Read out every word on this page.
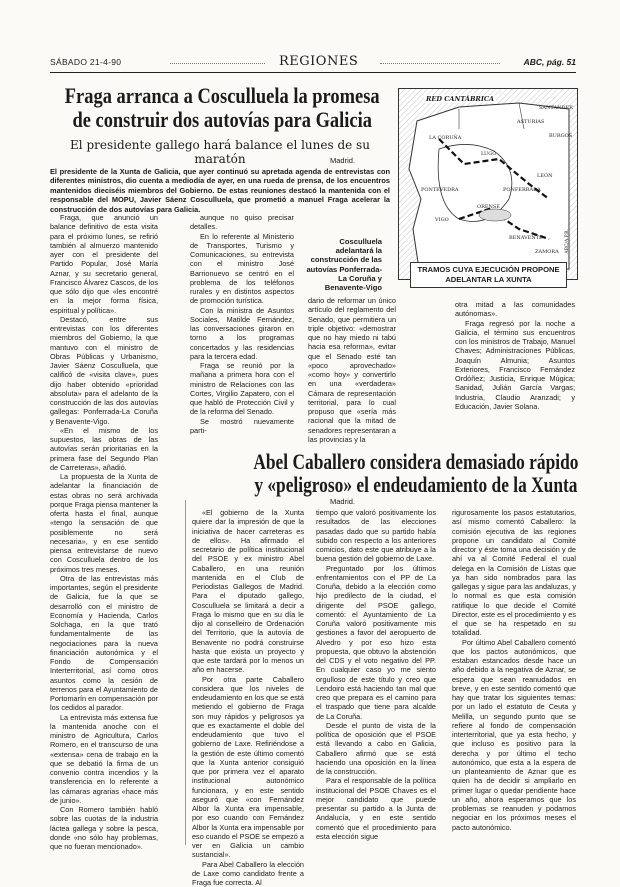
SÁBADO 21-4-90	REGIONES	ABC, pág. 51
Fraga arranca a Cosculluela la promesa
de construir dos autovías para Galicia
El presidente gallego hará balance el lunes de su maratón	Madrid.
El presidente de la Xunta de Galicia, que ayer continuó su apretada agenda de entrevistas con diferentes ministros, dio cuenta a mediodía de ayer, en una rueda de prensa, de los encuentros mantenidos dieciséis miembros del Gobierno. De estas reuniones destacó la mantenida con el responsable del MOPU, Javier Sáenz Cosculluela, que prometió a manuel Fraga acelerar la construcción de dos autovías para Galicia.
RED CANTÁBRICA
LA CORUÑA
ASTURIAS
LUGO
ORENSE
PONTEVEDRA
ZAMORA
LEÓN
SANTANDER
BURGOS
VIGO
PONFERRADA
BENAVENTE	ABC/A.P.R.
TRAMOS CUYA EJECUCIÓN PROPONE ADELANTAR LA XUNTA

Fraga, que anunció un balance definitivo de esta visita para el próximo lunes, se refirió también al almuerzo mantenido ayer con el presidente del Partido Popular, José María Aznar, y su secretario general, Francisco Álvarez Cascos, de los que sólo dijo que «les encontré en la mejor forma física, espiritual y política».

Destacó, entre sus entrevistas con los diferentes miembros del Gobierno, la que mantuvo con el ministro de Obras Públicas y Urbanismo, Javier Sáenz Cosculluela, que calificó de «visita clave», pues dijo haber obtenido «prioridad absoluta» para el adelanto de la construcción de las dos autovías gallegas: Ponferrada-La Coruña y Benavente-Vigo.

«En el mismo de los supuestos, las obras de las autovías serán prioritarias en la primera fase del Segundo Plan de Carreteras», añadió.

La propuesta de la Xunta de adelantar la financiación de estas obras no será archivada porque Fraga piensa mantener la oferta hasta el final, aunque «tengo la sensación de que posiblemente no será necesaria», y en ese sentido piensa entrevistarse de nuevo con Cosculluela dentro de los próximos tres meses.

Otra de las entrevistas más importantes, según el presidente de Galicia, fue la que se desarrolló con el ministro de Economía y Hacienda, Carlos Solchaga, en la que trató fundamentalmente de las negociaciones para la nueva financiación autonómica y el Fondo de Compensación Interterritorial, así como otros asuntos como la cesión de terrenos para el Ayuntamiento de Portomarín en compensación por los cedidos al parador.

La entrevista más extensa fue la mantenida anoche con el ministro de Agricultura, Carlos Romero, en el transcurso de una «extensa» cena de trabajo en la que se debatió la firma de un convenio contra incendios y la transferencia en lo referente a las cámaras agrarias «hace más de junio».

Con Romero también habló sobre las cuotas de la industria láctea gallega y sobre la pesca, donde «no sólo hay problemas, que no fueran mencionado».

aunque no quiso precisar detalles.

En lo referente al Ministerio de Transportes, Turismo y Comunicaciones, su entrevista con el ministro José Barrionuevo se centró en el problema de los teléfonos rurales y en distintos aspectos de promoción turística.

Con la ministra de Asuntos Sociales, Matilde Fernández, las conversaciones giraron en torno a los programas concertados y las residencias para la tercera edad.

Fraga se reunió por la mañana a primera hora con el ministro de Relaciones con las Cortes, Virgilio Zapatero, con el que habló de Protección Civil y de la reforma del Senado.

Se mostró nuevamente parti-

Cosculluela adelantará la construcción de las autovías Ponferrada-La Coruña y Benavente-Vigo

dario de reformar un único artículo del reglamento del Senado, que permitiera un triple objetivo: «demostrar que no hay miedo ni tabú hacia esa reforma», evitar que el Senado esté tan «poco aprovechado» «como hoy» y convertirlo en una «verdadera» Cámara de representación territorial, para lo cual propuso que «sería más racional que la mitad de senadores representaran a las provincias y la

otra mitad a las comunidades autónomas».

Fraga regresó por la noche a Galicia, el término sus encuentros con los ministros de Trabajo, Manuel Chaves; Administraciones Públicas, Joaquín Almunia; Asuntos Exteriores, Francisco Fernández Ordóñez; Justicia, Enrique Múgica; Sanidad, Julián García Vargas; Industria, Claudio Aranzadi; y Educación, Javier Solana.

Abel Caballero considera demasiado rápido
y «peligroso» el endeudamiento de la Xunta
Madrid.

«El gobierno de la Xunta quiere dar la impresión de que la iniciativa de hacer carreteras es de ellos». Ha afirmado el secretario de política institucional del PSOE y ex ministro Abel Caballero, en una reunión mantenida en el Club de Periodistas Gallegos de Madrid. Para el diputado gallego, Cosculluela se limitará a decir a Fraga lo mismo que en su día le dijo al conselleiro de Ordenación del Territorio, que la autovía de Benavente no podrá construirse hasta que exista un proyecto y que este tardará por lo menos un año en hacerse.

Por otra parte Caballero considera que los niveles de endeudamiento en los que se está metiendo el gobierno de Fraga son muy rápidos y peligrosos ya que es exactamente el doble del endeudamiento que tuvo el gobierno de Laxe. Refiriéndose a la gestión de este último comentó que la Xunta anterior consiguió que por primera vez el aparato institucional autonómico funcionara, y en este sentido aseguró que «con Fernández Albor la Xunta era impensable, por eso cuando con Fernández Albor la Xunta era impensable por eso cuando el PSOE se empezó a ver en Galicia un cambio sustancial».

Para Abel Caballero la elección de Laxe como candidato frente a Fraga fue correcta. Al

tiempo que valoró positivamente los resultados de las elecciones pasadas dado que su partido había subido con respecto a los anteriores comicios, dato este que atribuye a la buena gestión del gobierno de Laxe.

Preguntado por los últimos enfrentamientos con el PP de La Coruña, debido a la elección como hijo predilecto de la ciudad, el dirigente del PSOE gallego, comentó: el Ayuntamiento de La Coruña valoró positivamente mis gestiones a favor del aeropuerto de Alvedro y por eso hizo esta propuesta, que obtuvo la abstención del CDS y el voto negativo del PP. En cualquier caso yo me siento orgulloso de este título y creo que Lendoiro está haciendo tan mal que creo que prepara es el camino para el traspado que tiene para alcalde de La Coruña.

Desde el punto de vista de la política de oposición que el PSOE está llevando a cabo en Galicia, Caballero afirmó que se está haciendo una oposición en la línea de la construcción.

Para el responsable de la política institucional del PSOE Chaves es el mejor candidato que puede presentar su partido a la Junta de Andalucía, y en este sentido comentó que el procedimiento para esta elección sigue

rigurosamente los pasos estatutarios, así mismo comentó Caballero: la comisión ejecutiva de las regiones propone un candidato al Comité director y éste toma una decisión y de ahí va al Comité Federal el cual delega en la Comisión de Listas que ya han sido nombrados para las gallegas y sigue para las andaluzas, y lo normal es que esta comisión ratifique lo que decide el Comité Director, este es el procedimiento y es el que se ha respetado en su totalidad.

Por último Abel Caballero comentó que los pactos autonómicos, que estaban estancados desde hace un año debido a la negativa de Aznar, se espera que sean reanudados en breve, y en este sentido comentó que hay que tratar los siguientes temas: por un lado el estatuto de Ceuta y Melilla, un segundo punto que se refiere al fondo de compensación interterritorial, que ya esta hecho, y que incluso es positivo para la derecha y por último el techo autonómico, que esta a la espera de un planteamiento de Aznar que es quien ha de decidir si ampliarlo en primer lugar o quedar pendiente hace un año, ahora esperamos que los problemas se reanuden y podamos negociar en los próximos meses el pacto autonómico.
